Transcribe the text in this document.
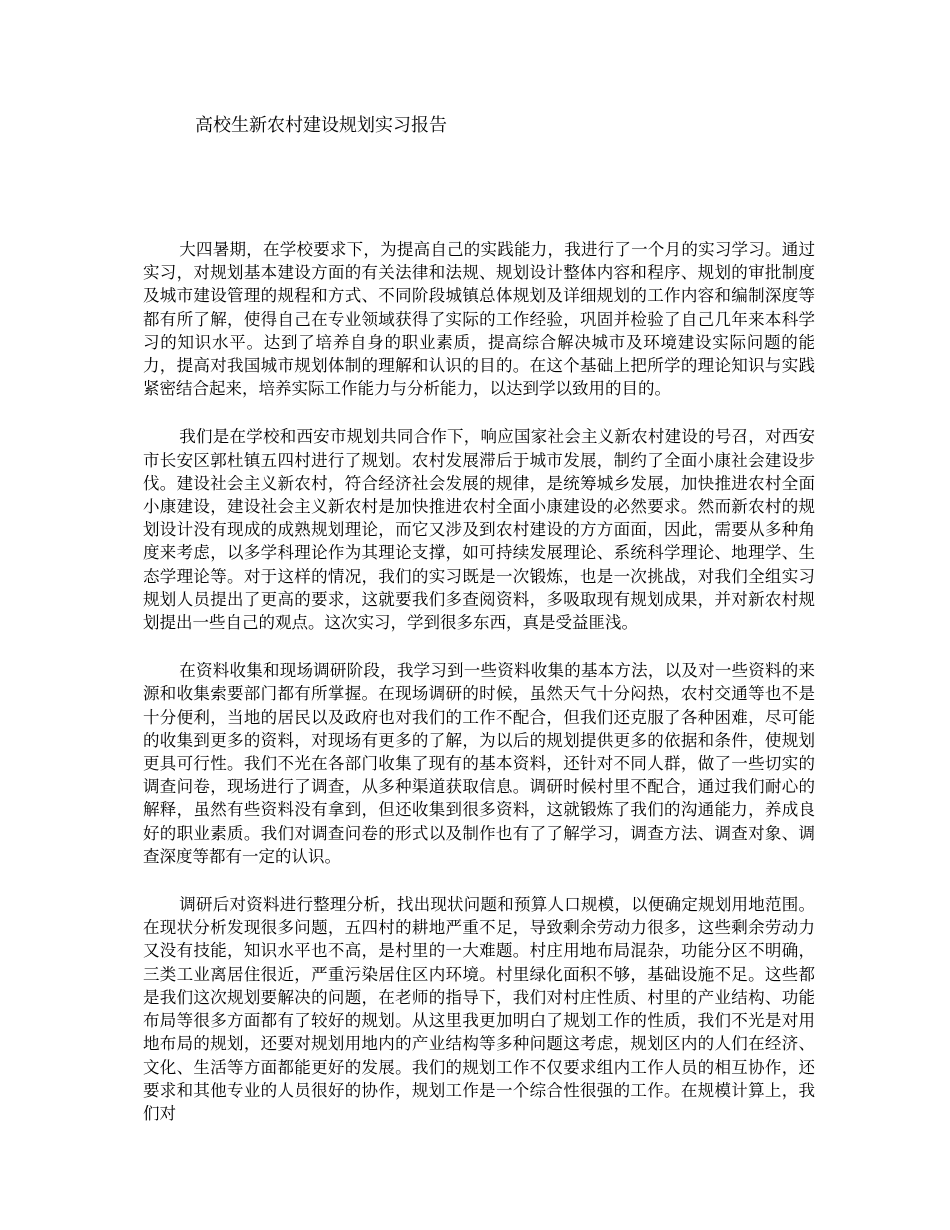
高校生新农村建设规划实习报告

大四暑期，在学校要求下，为提高自己的实践能力，我进行了一个月的实习学习。通过实习，对规划基本建设方面的有关法律和法规、规划设计整体内容和程序、规划的审批制度及城市建设管理的规程和方式、不同阶段城镇总体规划及详细规划的工作内容和编制深度等都有所了解，使得自己在专业领域获得了实际的工作经验，巩固并检验了自己几年来本科学习的知识水平。达到了培养自身的职业素质，提高综合解决城市及环境建设实际问题的能力，提高对我国城市规划体制的理解和认识的目的。在这个基础上把所学的理论知识与实践紧密结合起来，培养实际工作能力与分析能力，以达到学以致用的目的。

我们是在学校和西安市规划共同合作下，响应国家社会主义新农村建设的号召，对西安市长安区郭杜镇五四村进行了规划。农村发展滞后于城市发展，制约了全面小康社会建设步伐。建设社会主义新农村，符合经济社会发展的规律，是统筹城乡发展，加快推进农村全面小康建设，建设社会主义新农村是加快推进农村全面小康建设的必然要求。然而新农村的规划设计没有现成的成熟规划理论，而它又涉及到农村建设的方方面面，因此，需要从多种角度来考虑，以多学科理论作为其理论支撑，如可持续发展理论、系统科学理论、地理学、生态学理论等。对于这样的情况，我们的实习既是一次锻炼，也是一次挑战，对我们全组实习规划人员提出了更高的要求，这就要我们多查阅资料，多吸取现有规划成果，并对新农村规划提出一些自己的观点。这次实习，学到很多东西，真是受益匪浅。

在资料收集和现场调研阶段，我学习到一些资料收集的基本方法，以及对一些资料的来源和收集索要部门都有所掌握。在现场调研的时候，虽然天气十分闷热，农村交通等也不是十分便利，当地的居民以及政府也对我们的工作不配合，但我们还克服了各种困难，尽可能的收集到更多的资料，对现场有更多的了解，为以后的规划提供更多的依据和条件，使规划更具可行性。我们不光在各部门收集了现有的基本资料，还针对不同人群，做了一些切实的调查问卷，现场进行了调查，从多种渠道获取信息。调研时候村里不配合，通过我们耐心的解释，虽然有些资料没有拿到，但还收集到很多资料，这就锻炼了我们的沟通能力，养成良好的职业素质。我们对调查问卷的形式以及制作也有了了解学习，调查方法、调查对象、调查深度等都有一定的认识。

调研后对资料进行整理分析，找出现状问题和预算人口规模，以便确定规划用地范围。在现状分析发现很多问题，五四村的耕地严重不足，导致剩余劳动力很多，这些剩余劳动力又没有技能，知识水平也不高，是村里的一大难题。村庄用地布局混杂，功能分区不明确，三类工业离居住很近，严重污染居住区内环境。村里绿化面积不够，基础设施不足。这些都是我们这次规划要解决的问题，在老师的指导下，我们对村庄性质、村里的产业结构、功能布局等很多方面都有了较好的规划。从这里我更加明白了规划工作的性质，我们不光是对用地布局的规划，还要对规划用地内的产业结构等多种问题这考虑，规划区内的人们在经济、文化、生活等方面都能更好的发展。我们的规划工作不仅要求组内工作人员的相互协作，还要求和其他专业的人员很好的协作，规划工作是一个综合性很强的工作。在规模计算上，我们对
